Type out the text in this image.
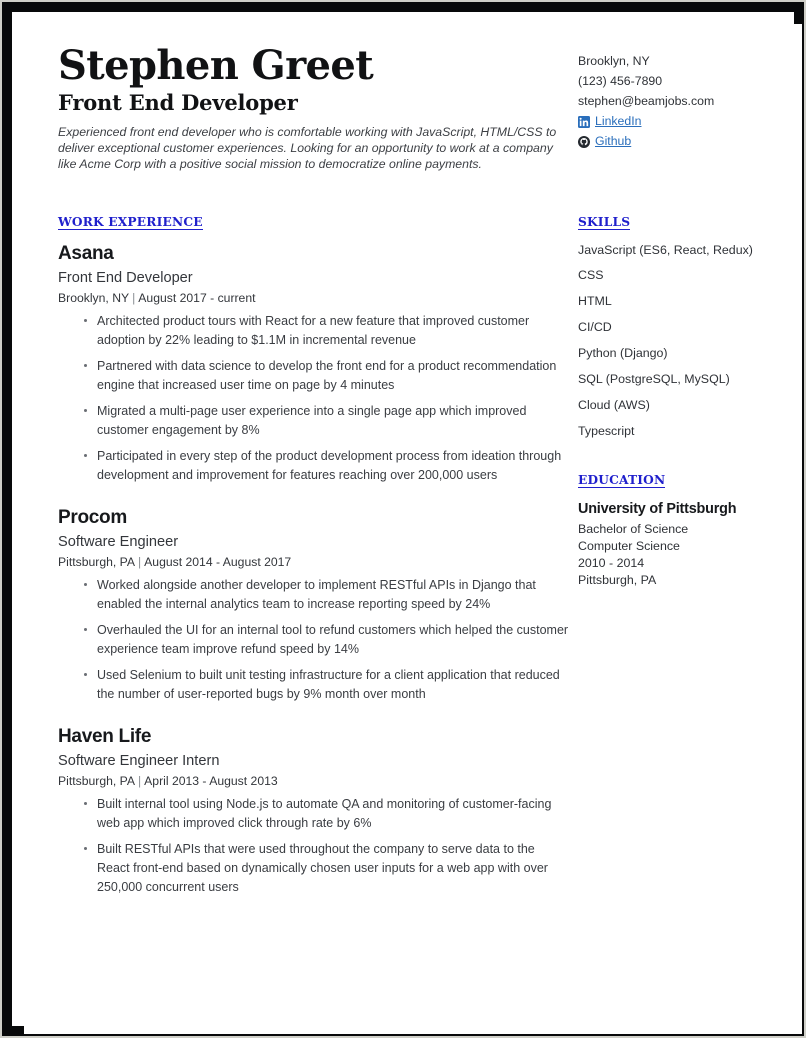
Stephen Greet
Front End Developer

Experienced front end developer who is comfortable working with JavaScript, HTML/CSS to deliver exceptional customer experiences. Looking for an opportunity to work at a company like Acme Corp with a positive social mission to democratize online payments.

Brooklyn, NY
(123) 456-7890
stephen@beamjobs.com
LinkedIn
Github
WORK EXPERIENCE
Asana
Front End Developer
Brooklyn, NY | August 2017 - current
Architected product tours with React for a new feature that improved customer adoption by 22% leading to $1.1M in incremental revenue
Partnered with data science to develop the front end for a product recommendation engine that increased user time on page by 4 minutes
Migrated a multi-page user experience into a single page app which improved customer engagement by 8%
Participated in every step of the product development process from ideation through development and improvement for features reaching over 200,000 users
Procom
Software Engineer
Pittsburgh, PA | August 2014 - August 2017
Worked alongside another developer to implement RESTful APIs in Django that enabled the internal analytics team to increase reporting speed by 24%
Overhauled the UI for an internal tool to refund customers which helped the customer experience team improve refund speed by 14%
Used Selenium to built unit testing infrastructure for a client application that reduced the number of user-reported bugs by 9% month over month
Haven Life
Software Engineer Intern
Pittsburgh, PA | April 2013 - August 2013
Built internal tool using Node.js to automate QA and monitoring of customer-facing web app which improved click through rate by 6%
Built RESTful APIs that were used throughout the company to serve data to the React front-end based on dynamically chosen user inputs for a web app with over 250,000 concurrent users
SKILLS
JavaScript (ES6, React, Redux)
CSS
HTML
CI/CD
Python (Django)
SQL (PostgreSQL, MySQL)
Cloud (AWS)
Typescript
EDUCATION
University of Pittsburgh
Bachelor of Science
Computer Science
2010 - 2014
Pittsburgh, PA
